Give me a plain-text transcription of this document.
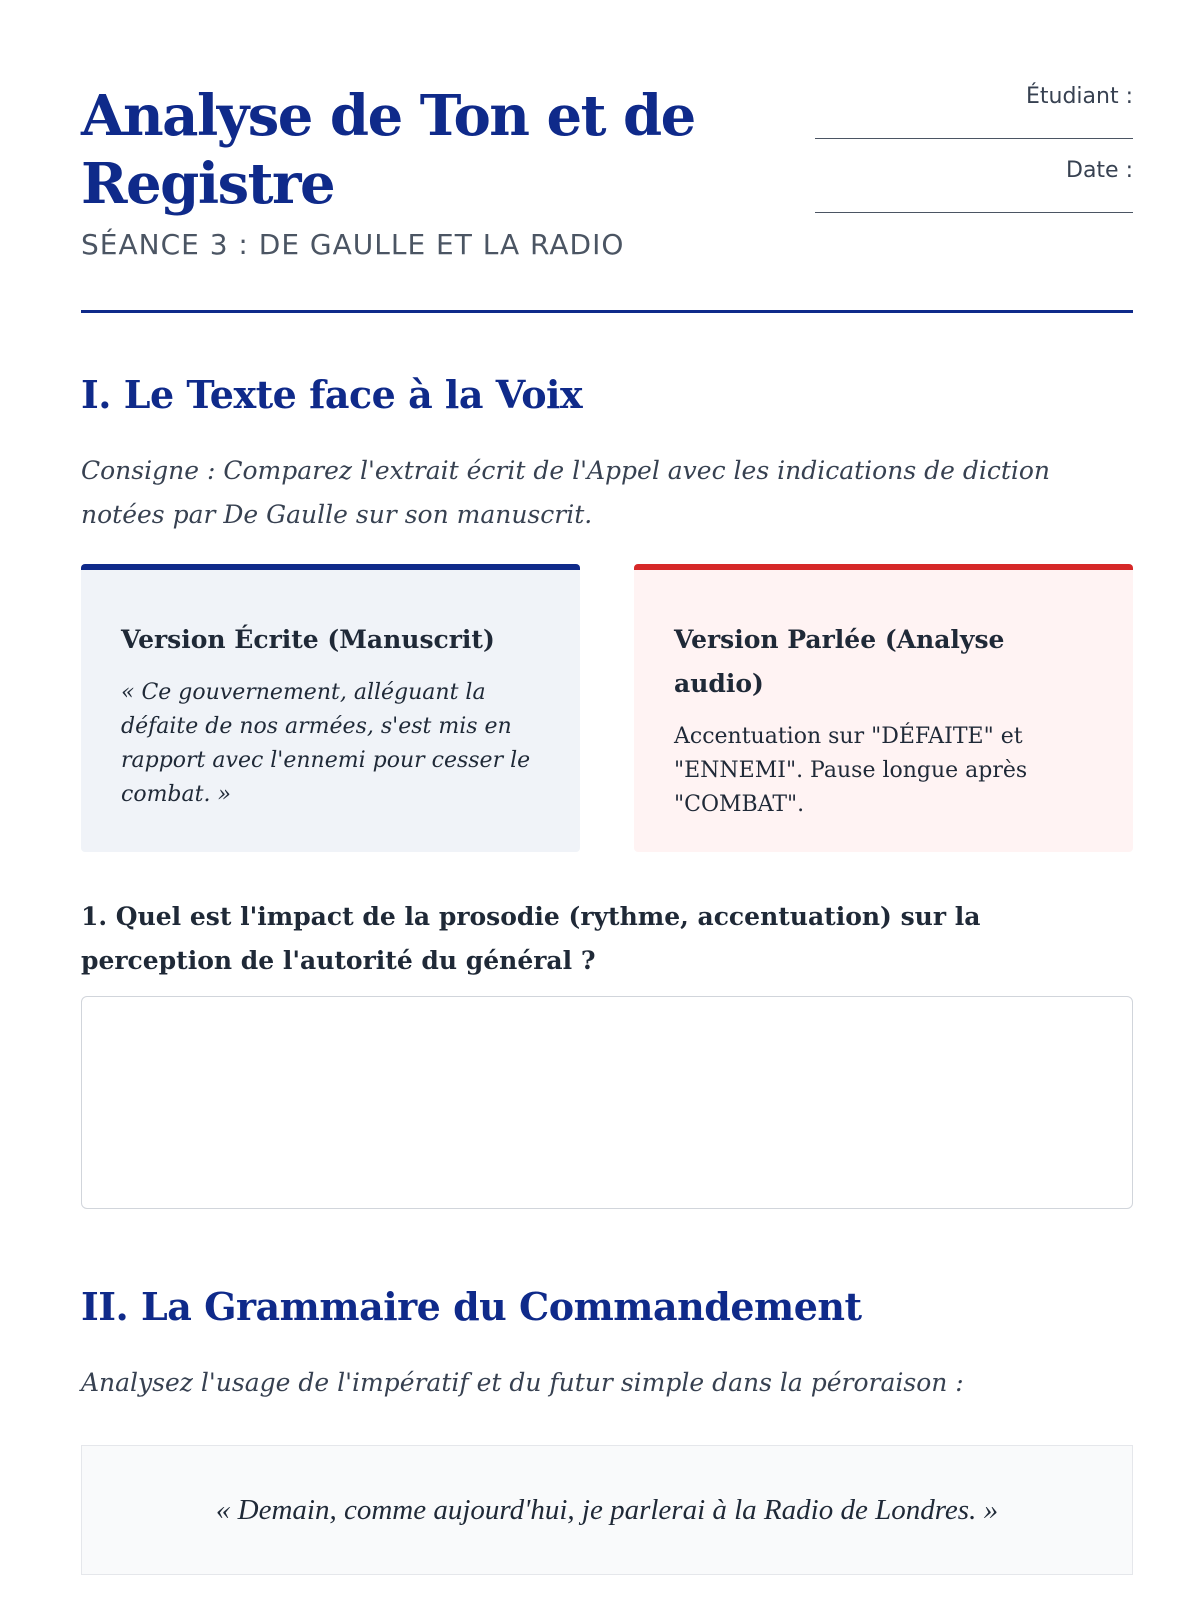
Analyse de Ton et de Registre

SÉANCE 3 : DE GAULLE ET LA RADIO

Étudiant :
Date :
I. Le Texte face à la Voix

Consigne : Comparez l'extrait écrit de l'Appel avec les indications de diction notées par De Gaulle sur son manuscrit.

Version Écrite (Manuscrit)

« Ce gouvernement, alléguant la défaite de nos armées, s'est mis en rapport avec l'ennemi pour cesser le combat. »

Version Parlée (Analyse audio)

Accentuation sur "DÉFAITE" et "ENNEMI". Pause longue après "COMBAT".

1. Quel est l'impact de la prosodie (rythme, accentuation) sur la perception de l'autorité du général ?

II. La Grammaire du Commandement

Analysez l'usage de l'impératif et du futur simple dans la péroraison :

« Demain, comme aujourd'hui, je parlerai à la Radio de Londres. »
